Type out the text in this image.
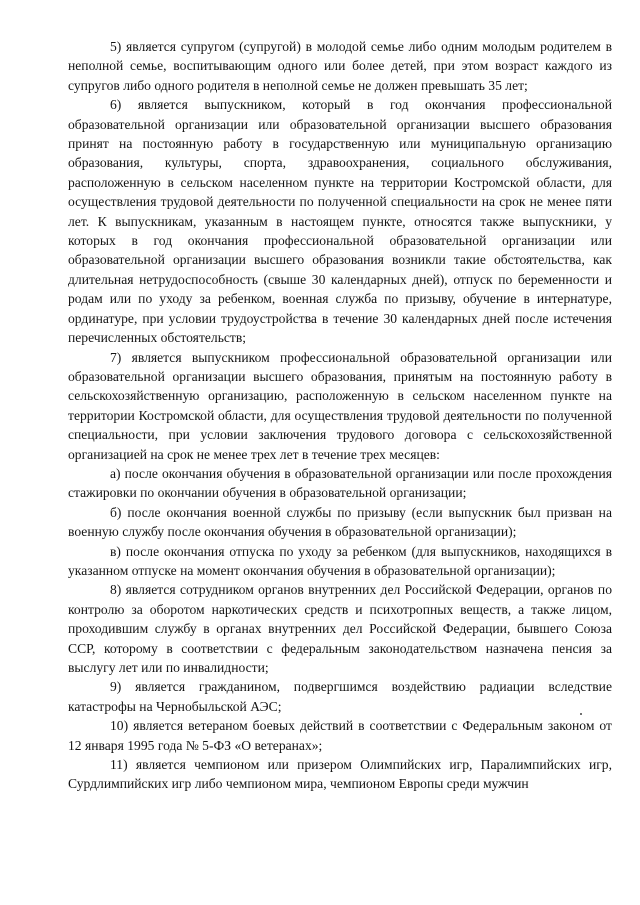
5) является супругом (супругой) в молодой семье либо одним молодым родителем в неполной семье, воспитывающим одного или более детей, при этом возраст каждого из супругов либо одного родителя в неполной семье не должен превышать 35 лет;

6) является выпускником, который в год окончания профессиональной образовательной организации или образовательной организации высшего образования принят на постоянную работу в государственную или муниципальную организацию образования, культуры, спорта, здравоохранения, социального обслуживания, расположенную в сельском населенном пункте на территории Костромской области, для осуществления трудовой деятельности по полученной специальности на срок не менее пяти лет. К выпускникам, указанным в настоящем пункте, относятся также выпускники, у которых в год окончания профессиональной образовательной организации или образовательной организации высшего образования возникли такие обстоятельства, как длительная нетрудоспособность (свыше 30 календарных дней), отпуск по беременности и родам или по уходу за ребенком, военная служба по призыву, обучение в интернатуре, ординатуре, при условии трудоустройства в течение 30 календарных дней после истечения перечисленных обстоятельств;

7) является выпускником профессиональной образовательной организации или образовательной организации высшего образования, принятым на постоянную работу в сельскохозяйственную организацию, расположенную в сельском населенном пункте на территории Костромской области, для осуществления трудовой деятельности по полученной специальности, при условии заключения трудового договора с сельскохозяйственной организацией на срок не менее трех лет в течение трех месяцев:

а) после окончания обучения в образовательной организации или после прохождения стажировки по окончании обучения в образовательной организации;

б) после окончания военной службы по призыву (если выпускник был призван на военную службу после окончания обучения в образовательной организации);

в) после окончания отпуска по уходу за ребенком (для выпускников, находящихся в указанном отпуске на момент окончания обучения в образовательной организации);

8) является сотрудником органов внутренних дел Российской Федерации, органов по контролю за оборотом наркотических средств и психотропных веществ, а также лицом, проходившим службу в органах внутренних дел Российской Федерации, бывшего Союза ССР, которому в соответствии с федеральным законодательством назначена пенсия за выслугу лет или по инвалидности;

9) является гражданином, подвергшимся воздействию радиации вследствие катастрофы на Чернобыльской АЭС;

10) является ветераном боевых действий в соответствии с Федеральным законом от 12 января 1995 года № 5-ФЗ «О ветеранах»;

11) является чемпионом или призером Олимпийских игр, Паралимпийских игр, Сурдлимпийских игр либо чемпионом мира, чемпионом Европы среди мужчин
